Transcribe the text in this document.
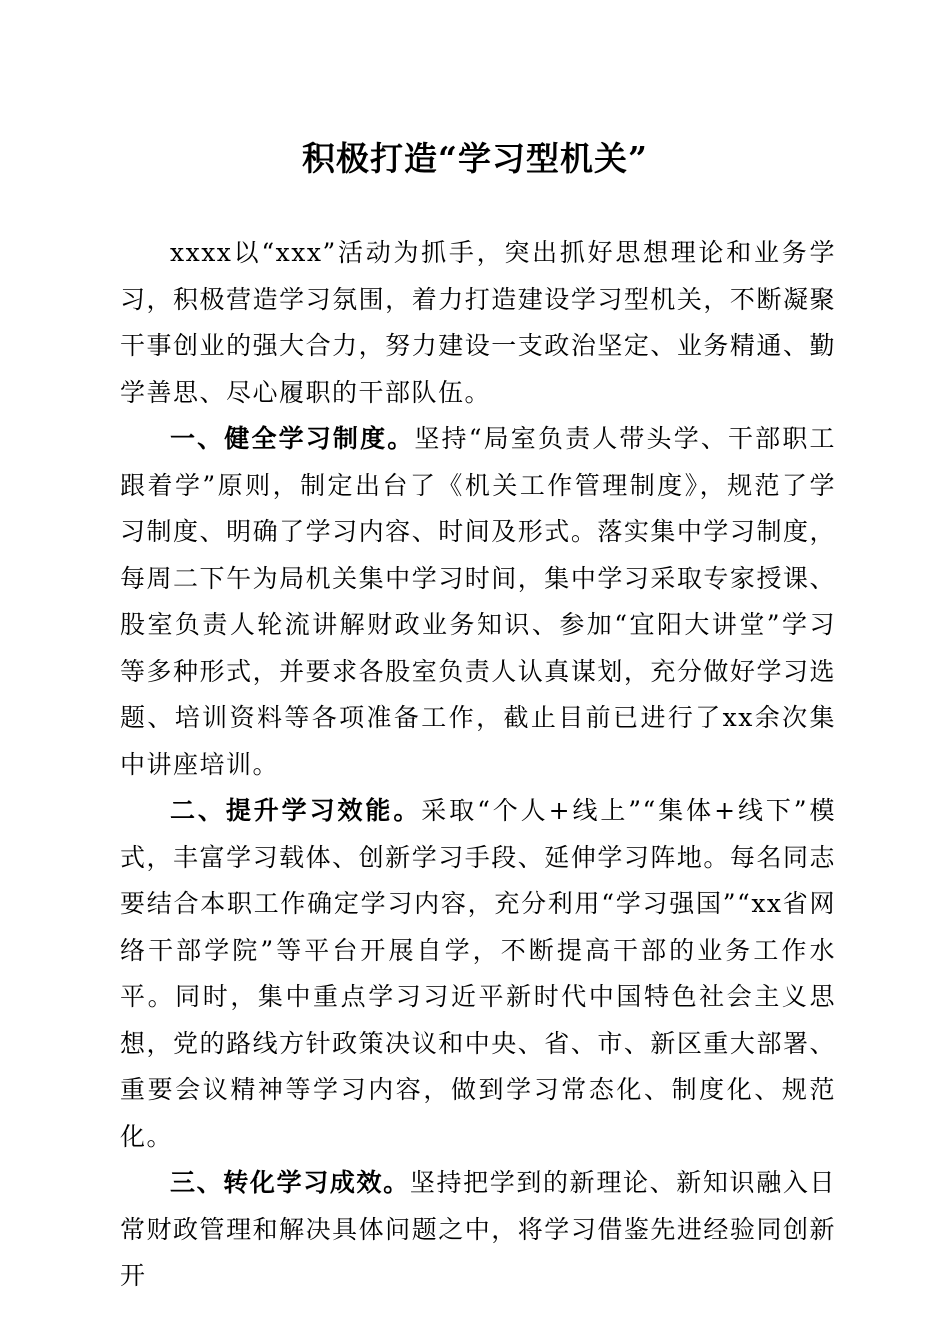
积极打造“学习型机关”

xxxx以“xxx”活动为抓手，突出抓好思想理论和业务学习，积极营造学习氛围，着力打造建设学习型机关，不断凝聚干事创业的强大合力，努力建设一支政治坚定、业务精通、勤学善思、尽心履职的干部队伍。

一、健全学习制度。坚持“局室负责人带头学、干部职工跟着学”原则，制定出台了《机关工作管理制度》，规范了学习制度、明确了学习内容、时间及形式。落实集中学习制度，每周二下午为局机关集中学习时间，集中学习采取专家授课、股室负责人轮流讲解财政业务知识、参加“宜阳大讲堂”学习等多种形式，并要求各股室负责人认真谋划，充分做好学习选题、培训资料等各项准备工作，截止目前已进行了xx余次集中讲座培训。

二、提升学习效能。采取“个人+线上”“集体+线下”模式，丰富学习载体、创新学习手段、延伸学习阵地。每名同志要结合本职工作确定学习内容，充分利用“学习强国”“xx省网络干部学院”等平台开展自学，不断提高干部的业务工作水平。同时，集中重点学习习近平新时代中国特色社会主义思想，党的路线方针政策决议和中央、省、市、新区重大部署、重要会议精神等学习内容，做到学习常态化、制度化、规范化。

三、转化学习成效。坚持把学到的新理论、新知识融入日常财政管理和解决具体问题之中，将学习借鉴先进经验同创新开
